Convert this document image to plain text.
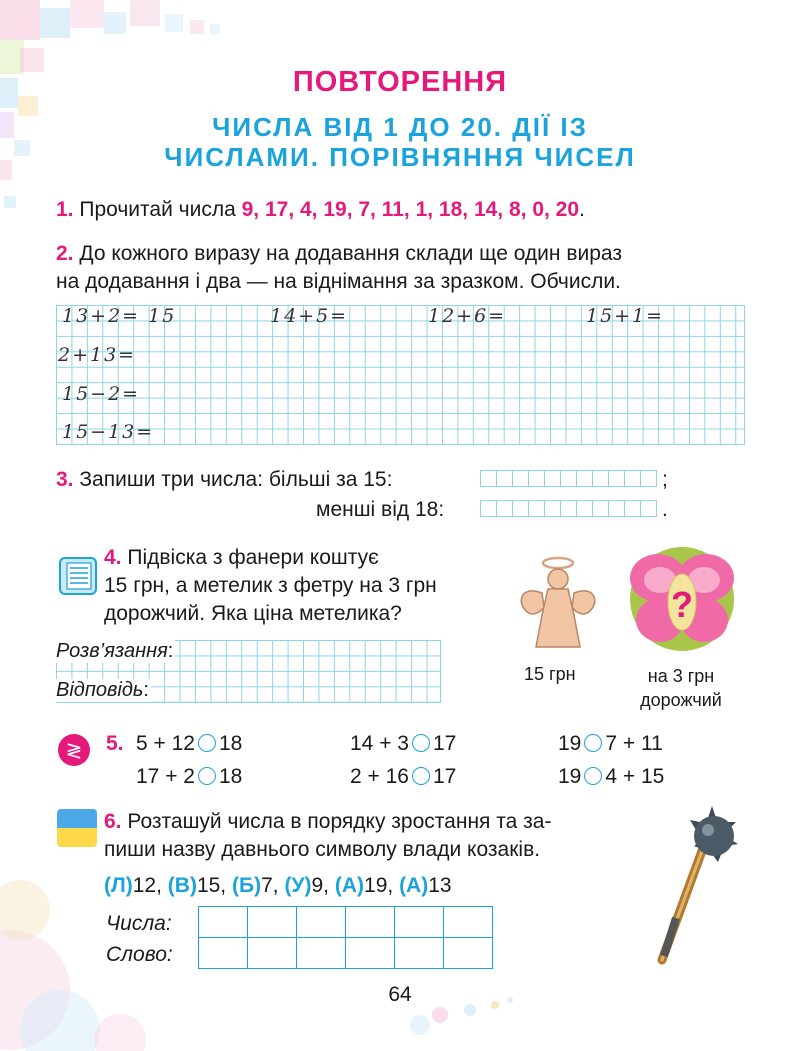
ПОВТОРЕННЯ
ЧИСЛА ВІД 1 ДО 20. ДІЇ ІЗ
ЧИСЛАМИ. ПОРІВНЯННЯ ЧИСЕЛ
1. Прочитай числа 9, 17, 4, 19, 7, 11, 1, 18, 14, 8, 0, 20.
2. До кожного виразу на додавання склади ще один вираз
на додавання і два — на віднімання за зразком. Обчисли.
13+2= 15	14+5=	12+6=	15+1=
2+13=
15−2=
15−13=
3. Запиши три числа: більші за 15:	;
менші від 18:	.
4. Підвіска з фанери коштує
15 грн, а метелик з фетру на 3 грн
дорожчий. Яка ціна метелика?
Розв’язання:
Відповідь:
15 грн
?
на 3 грн
дорожчий
≷ 5. 5 + 12 18	14 + 3 17	19 7 + 11
17 + 2 18	2 + 16 17	19 4 + 15
6. Розташуй числа в порядку зростання та за-
пиши назву давнього символу влади козаків.
(Л)12, (В)15, (Б)7, (У)9, (А)19, (А)13
Числа:
Слово:

64
